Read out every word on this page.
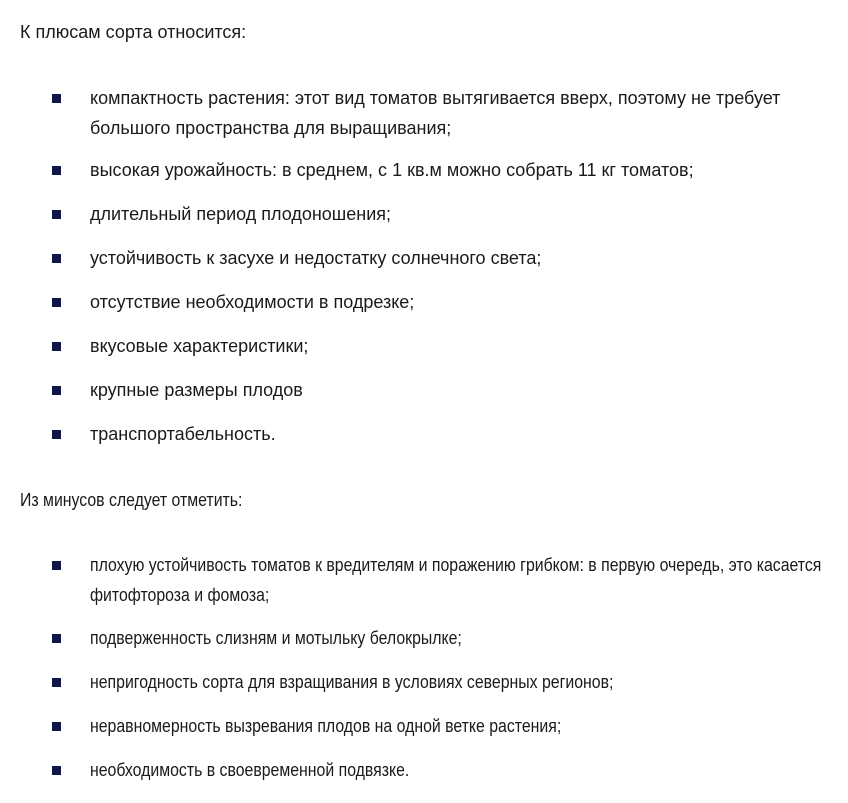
К плюсам сорта относится:
компактность растения: этот вид томатов вытягивается вверх, поэтому не требует большого пространства для выращивания;
высокая урожайность: в среднем, с 1 кв.м можно собрать 11 кг томатов;
длительный период плодоношения;
устойчивость к засухе и недостатку солнечного света;
отсутствие необходимости в подрезке;
вкусовые характеристики;
крупные размеры плодов
транспортабельность.
Из минусов следует отметить:
плохую устойчивость томатов к вредителям и поражению грибком: в первую очередь, это касается фитофтороза и фомоза;
подверженность слизням и мотыльку белокрылке;
непригодность сорта для взращивания в условиях северных регионов;
неравномерность вызревания плодов на одной ветке растения;
необходимость в своевременной подвязке.
